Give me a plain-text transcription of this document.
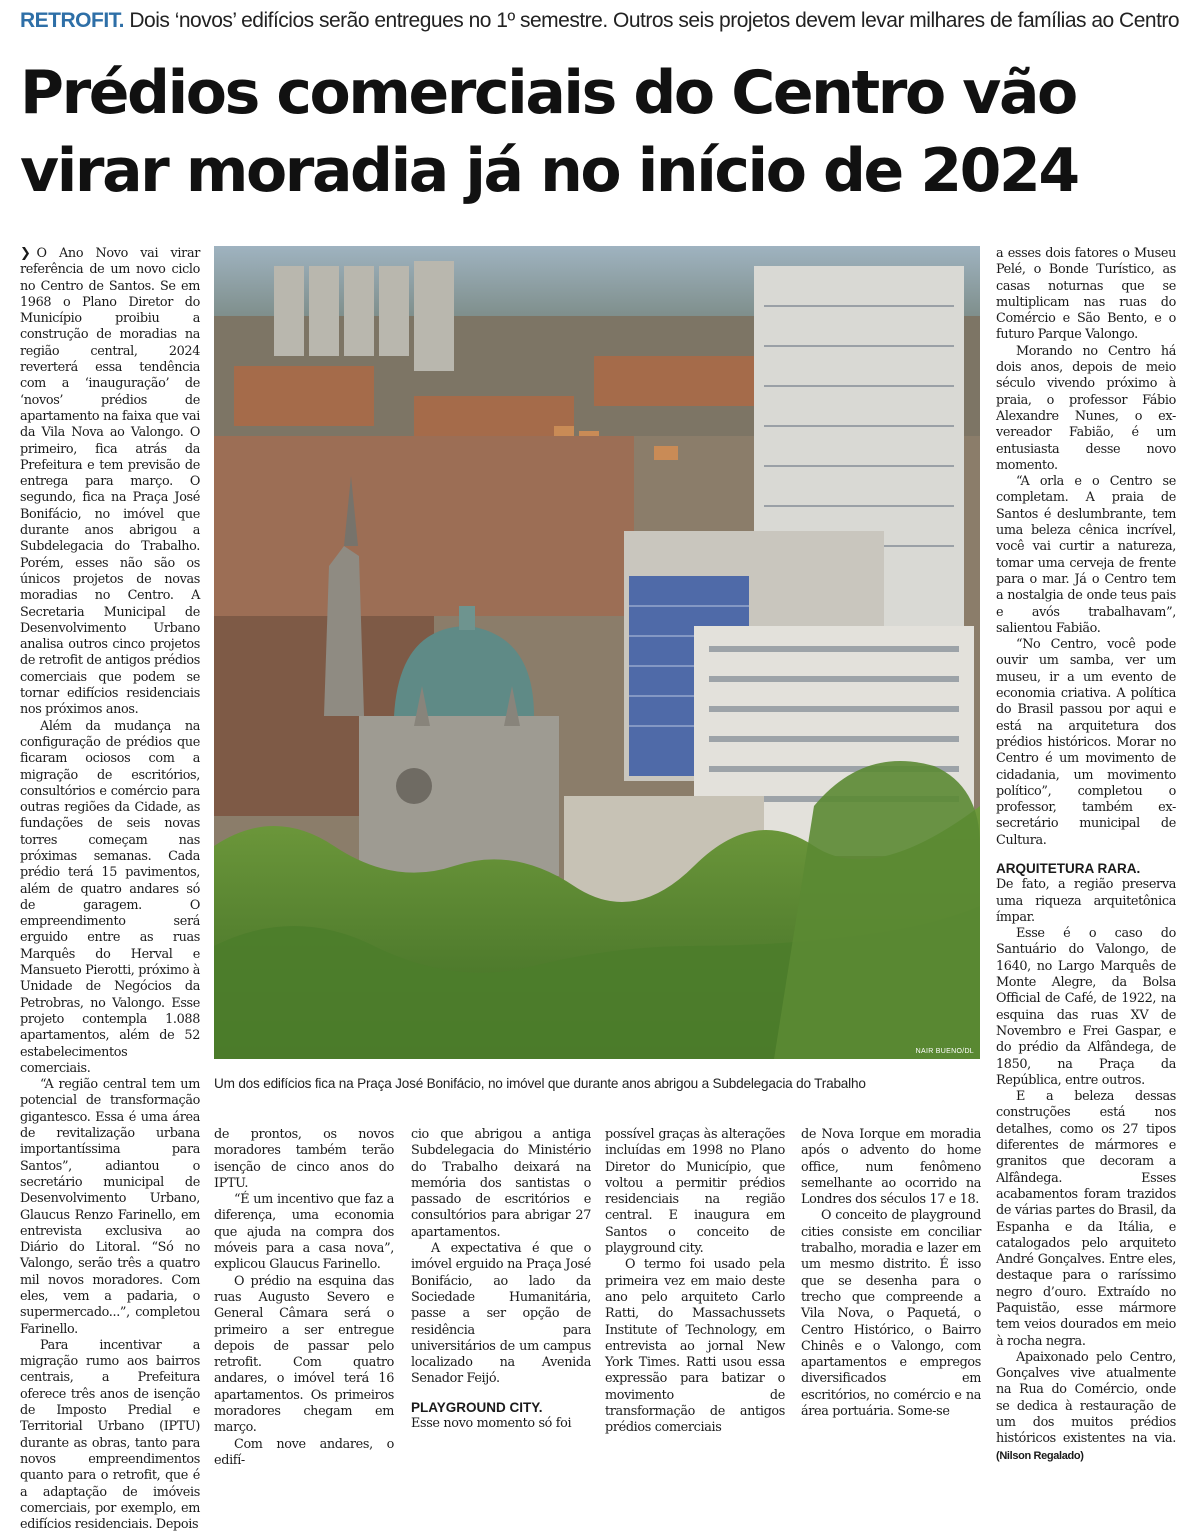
RETROFIT. Dois ‘novos’ edifícios serão entregues no 1º semestre. Outros seis projetos devem levar milhares de famílias ao Centro
Prédios comerciais do Centro vão
virar moradia já no início de 2024

❯ O Ano Novo vai virar referência de um novo ciclo no Centro de Santos. Se em 1968 o Plano Diretor do Município proibiu a construção de moradias na região central, 2024 reverterá essa tendência com a ‘inauguração’ de ‘novos’ prédios de apartamento na faixa que vai da Vila Nova ao Valongo. O primeiro, fica atrás da Prefeitura e tem previsão de entrega para março. O segundo, fica na Praça José Bonifácio, no imóvel que durante anos abrigou a Subdelegacia do Trabalho. Porém, esses não são os únicos projetos de novas moradias no Centro. A Secretaria Municipal de Desenvolvimento Urbano analisa outros cinco projetos de retrofit de antigos prédios comerciais que podem se tornar edifícios residenciais nos próximos anos.

Além da mudança na configuração de prédios que ficaram ociosos com a migração de escritórios, consultórios e comércio para outras regiões da Cidade, as fundações de seis novas torres começam nas próximas semanas. Cada prédio terá 15 pavimentos, além de quatro andares só de garagem. O empreendimento será erguido entre as ruas Marquês do Herval e Mansueto Pierotti, próximo à Unidade de Negócios da Petrobras, no Valongo. Esse projeto contempla 1.088 apartamentos, além de 52 estabelecimentos comerciais.

“A região central tem um potencial de transformação gigantesco. Essa é uma área de revitalização urbana importantíssima para Santos”, adiantou o secretário municipal de Desenvolvimento Urbano, Glaucus Renzo Farinello, em entrevista exclusiva ao Diário do Litoral. “Só no Valongo, serão três a quatro mil novos moradores. Com eles, vem a padaria, o supermercado...”, completou Farinello.

Para incentivar a migração rumo aos bairros centrais, a Prefeitura oferece três anos de isenção de Imposto Predial e Territorial Urbano (IPTU) durante as obras, tanto para novos empreendimentos quanto para o retrofit, que é a adaptação de imóveis comerciais, por exemplo, em edifícios residenciais. Depois

NAIR BUENO/DL
Um dos edifícios fica na Praça José Bonifácio, no imóvel que durante anos abrigou a Subdelegacia do Trabalho

de prontos, os novos moradores também terão isenção de cinco anos do IPTU.

“É um incentivo que faz a diferença, uma economia que ajuda na compra dos móveis para a casa nova”, explicou Glaucus Farinello.

O prédio na esquina das ruas Augusto Severo e General Câmara será o primeiro a ser entregue depois de passar pelo retrofit. Com quatro andares, o imóvel terá 16 apartamentos. Os primeiros moradores chegam em março.

Com nove andares, o edifí-

cio que abrigou a antiga Subdelegacia do Ministério do Trabalho deixará na memória dos santistas o passado de escritórios e consultórios para abrigar 27 apartamentos.

A expectativa é que o imóvel erguido na Praça José Bonifácio, ao lado da Sociedade Humanitária, passe a ser opção de residência para universitários de um campus localizado na Avenida Senador Feijó.

PLAYGROUND CITY.

Esse novo momento só foi

possível graças às alterações incluídas em 1998 no Plano Diretor do Município, que voltou a permitir prédios residenciais na região central. E inaugura em Santos o conceito de playground city.

O termo foi usado pela primeira vez em maio deste ano pelo arquiteto Carlo Ratti, do Massachussets Institute of Technology, em entrevista ao jornal New York Times. Ratti usou essa expressão para batizar o movimento de transformação de antigos prédios comerciais

de Nova Iorque em moradia após o advento do home office, num fenômeno semelhante ao ocorrido na Londres dos séculos 17 e 18.

O conceito de playground cities consiste em conciliar trabalho, moradia e lazer em um mesmo distrito. É isso que se desenha para o trecho que compreende a Vila Nova, o Paquetá, o Centro Histórico, o Bairro Chinês e o Valongo, com apartamentos e empregos diversificados em escritórios, no comércio e na área portuária. Some-se

a esses dois fatores o Museu Pelé, o Bonde Turístico, as casas noturnas que se multiplicam nas ruas do Comércio e São Bento, e o futuro Parque Valongo.

Morando no Centro há dois anos, depois de meio século vivendo próximo à praia, o professor Fábio Alexandre Nunes, o ex-vereador Fabião, é um entusiasta desse novo momento.

“A orla e o Centro se completam. A praia de Santos é deslumbrante, tem uma beleza cênica incrível, você vai curtir a natureza, tomar uma cerveja de frente para o mar. Já o Centro tem a nostalgia de onde teus pais e avós trabalhavam”, salientou Fabião.

“No Centro, você pode ouvir um samba, ver um museu, ir a um evento de economia criativa. A política do Brasil passou por aqui e está na arquitetura dos prédios históricos. Morar no Centro é um movimento de cidadania, um movimento político”, completou o professor, também ex-secretário municipal de Cultura.

ARQUITETURA RARA.

De fato, a região preserva uma riqueza arquitetônica ímpar.

Esse é o caso do Santuário do Valongo, de 1640, no Largo Marquês de Monte Alegre, da Bolsa Official de Café, de 1922, na esquina das ruas XV de Novembro e Frei Gaspar, e do prédio da Alfândega, de 1850, na Praça da República, entre outros.

E a beleza dessas construções está nos detalhes, como os 27 tipos diferentes de mármores e granitos que decoram a Alfândega. Esses acabamentos foram trazidos de várias partes do Brasil, da Espanha e da Itália, e catalogados pelo arquiteto André Gonçalves. Entre eles, destaque para o raríssimo negro d’ouro. Extraído no Paquistão, esse mármore tem veios dourados em meio à rocha negra.

Apaixonado pelo Centro, Gonçalves vive atualmente na Rua do Comércio, onde se dedica à restauração de um dos muitos prédios históricos existentes na via. (Nilson Regalado)
